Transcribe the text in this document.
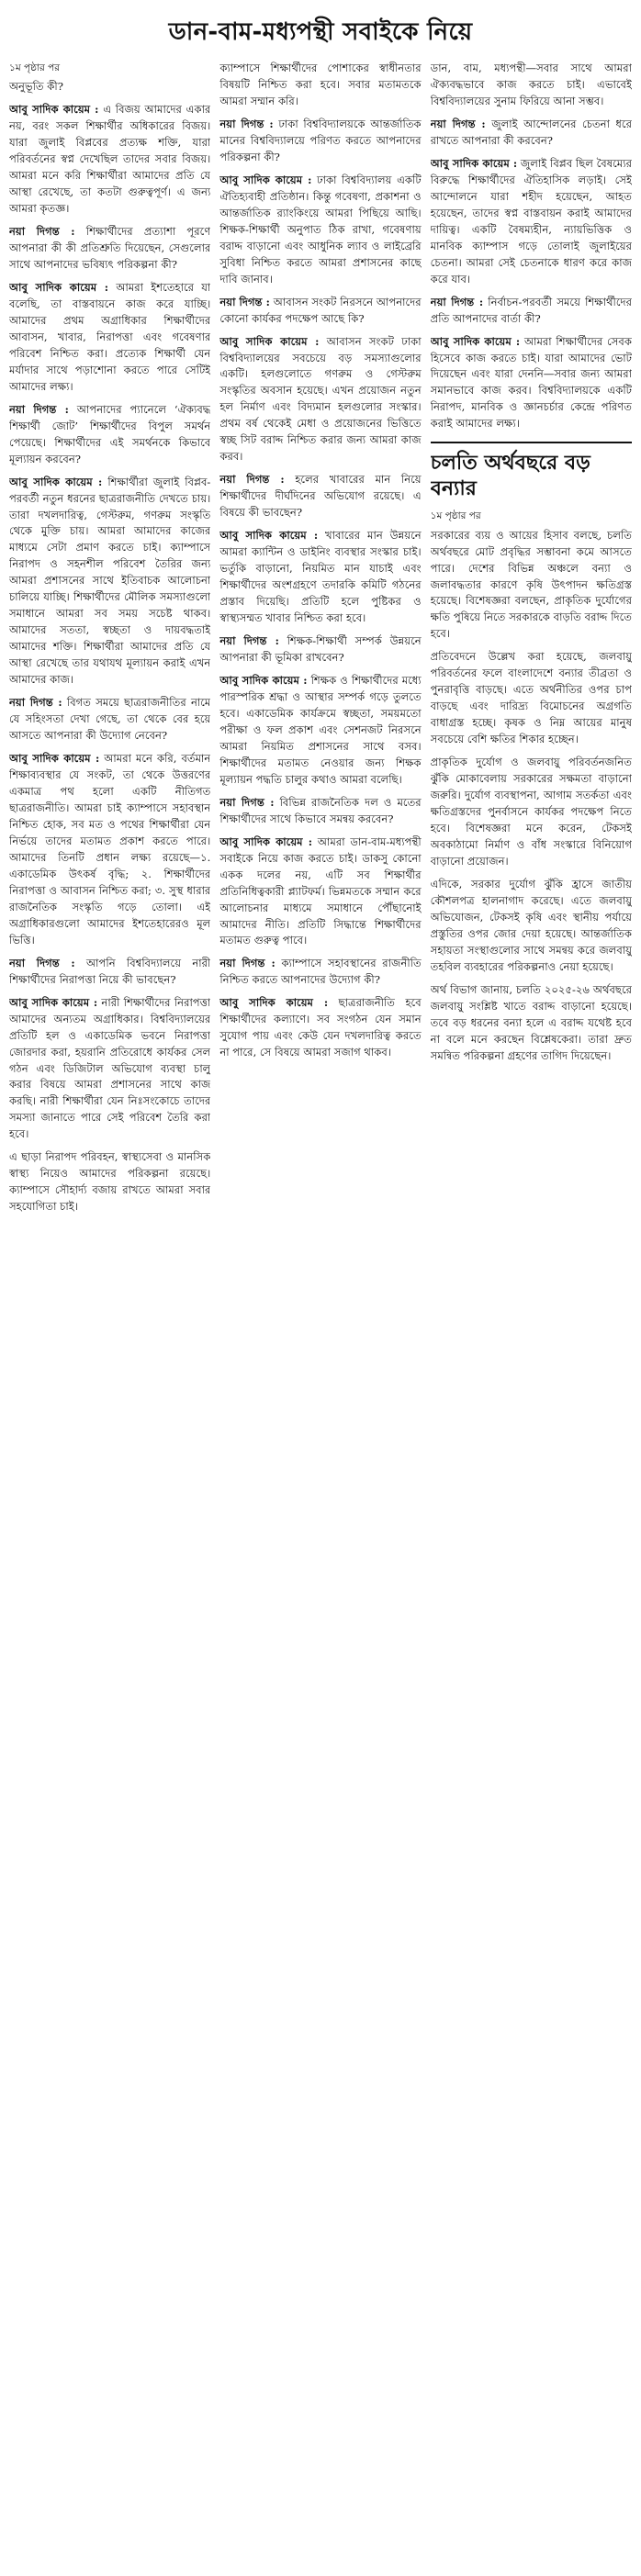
ডান-বাম-মধ্যপন্থী সবাইকে নিয়ে
১ম পৃষ্ঠার পর

অনুভূতি কী?

আবু সাদিক কায়েম : এ বিজয় আমাদের একার নয়, বরং সকল শিক্ষার্থীর অধিকারের বিজয়। যারা জুলাই বিপ্লবের প্রত্যক্ষ শক্তি, যারা পরিবর্তনের স্বপ্ন দেখেছিল তাদের সবার বিজয়। আমরা মনে করি শিক্ষার্থীরা আমাদের প্রতি যে আস্থা রেখেছে, তা কতটা গুরুত্বপূর্ণ। এ জন্য আমরা কৃতজ্ঞ।

নয়া দিগন্ত : শিক্ষার্থীদের প্রত্যাশা পূরণে আপনারা কী কী প্রতিশ্রুতি দিয়েছেন, সেগুলোর সাথে আপনাদের ভবিষ্যৎ পরিকল্পনা কী?

আবু সাদিক কায়েম : আমরা ইশতেহারে যা বলেছি, তা বাস্তবায়নে কাজ করে যাচ্ছি। আমাদের প্রথম অগ্রাধিকার শিক্ষার্থীদের আবাসন, খাবার, নিরাপত্তা এবং গবেষণার পরিবেশ নিশ্চিত করা। প্রত্যেক শিক্ষার্থী যেন মর্যাদার সাথে পড়াশোনা করতে পারে সেটিই আমাদের লক্ষ্য।

নয়া দিগন্ত : আপনাদের প্যানেলে ‘ঐক্যবদ্ধ শিক্ষার্থী জোট’ শিক্ষার্থীদের বিপুল সমর্থন পেয়েছে। শিক্ষার্থীদের এই সমর্থনকে কিভাবে মূল্যায়ন করবেন?

আবু সাদিক কায়েম : শিক্ষার্থীরা জুলাই বিপ্লব-পরবর্তী নতুন ধরনের ছাত্ররাজনীতি দেখতে চায়। তারা দখলদারিত্ব, গেস্টরুম, গণরুম সংস্কৃতি থেকে মুক্তি চায়। আমরা আমাদের কাজের মাধ্যমে সেটা প্রমাণ করতে চাই। ক্যাম্পাসে নিরাপদ ও সহনশীল পরিবেশ তৈরির জন্য আমরা প্রশাসনের সাথে ইতিবাচক আলোচনা চালিয়ে যাচ্ছি। শিক্ষার্থীদের মৌলিক সমস্যাগুলো সমাধানে আমরা সব সময় সচেষ্ট থাকব। আমাদের সততা, স্বচ্ছতা ও দায়বদ্ধতাই আমাদের শক্তি। শিক্ষার্থীরা আমাদের প্রতি যে আস্থা রেখেছে তার যথাযথ মূল্যায়ন করাই এখন আমাদের কাজ।

নয়া দিগন্ত : বিগত সময়ে ছাত্ররাজনীতির নামে যে সহিংসতা দেখা গেছে, তা থেকে বের হয়ে আসতে আপনারা কী উদ্যোগ নেবেন?

আবু সাদিক কায়েম : আমরা মনে করি, বর্তমান শিক্ষাব্যবস্থার যে সংকট, তা থেকে উত্তরণের একমাত্র পথ হলো একটি নীতিগত ছাত্ররাজনীতি। আমরা চাই ক্যাম্পাসে সহাবস্থান নিশ্চিত হোক, সব মত ও পথের শিক্ষার্থীরা যেন নির্ভয়ে তাদের মতামত প্রকাশ করতে পারে। আমাদের তিনটি প্রধান লক্ষ্য রয়েছে—১. একাডেমিক উৎকর্ষ বৃদ্ধি; ২. শিক্ষার্থীদের নিরাপত্তা ও আবাসন নিশ্চিত করা; ৩. সুস্থ ধারার রাজনৈতিক সংস্কৃতি গড়ে তোলা। এই অগ্রাধিকারগুলো আমাদের ইশতেহারেরও মূল ভিত্তি।

নয়া দিগন্ত : আপনি বিশ্ববিদ্যালয়ে নারী শিক্ষার্থীদের নিরাপত্তা নিয়ে কী ভাবছেন?

আবু সাদিক কায়েম : নারী শিক্ষার্থীদের নিরাপত্তা আমাদের অন্যতম অগ্রাধিকার। বিশ্ববিদ্যালয়ের প্রতিটি হল ও একাডেমিক ভবনে নিরাপত্তা জোরদার করা, হয়রানি প্রতিরোধে কার্যকর সেল গঠন এবং ডিজিটাল অভিযোগ ব্যবস্থা চালু করার বিষয়ে আমরা প্রশাসনের সাথে কাজ করছি। নারী শিক্ষার্থীরা যেন নিঃসংকোচে তাদের সমস্যা জানাতে পারে সেই পরিবেশ তৈরি করা হবে।

এ ছাড়া নিরাপদ পরিবহন, স্বাস্থ্যসেবা ও মানসিক স্বাস্থ্য নিয়েও আমাদের পরিকল্পনা রয়েছে। ক্যাম্পাসে সৌহার্দ্য বজায় রাখতে আমরা সবার সহযোগিতা চাই।

ক্যাম্পাসে শিক্ষার্থীদের পোশাকের স্বাধীনতার বিষয়টি নিশ্চিত করা হবে। সবার মতামতকে আমরা সম্মান করি।

নয়া দিগন্ত : ঢাকা বিশ্ববিদ্যালয়কে আন্তর্জাতিক মানের বিশ্ববিদ্যালয়ে পরিণত করতে আপনাদের পরিকল্পনা কী?

আবু সাদিক কায়েম : ঢাকা বিশ্ববিদ্যালয় একটি ঐতিহ্যবাহী প্রতিষ্ঠান। কিন্তু গবেষণা, প্রকাশনা ও আন্তর্জাতিক র‍্যাংকিংয়ে আমরা পিছিয়ে আছি। শিক্ষক-শিক্ষার্থী অনুপাত ঠিক রাখা, গবেষণায় বরাদ্দ বাড়ানো এবং আধুনিক ল্যাব ও লাইব্রেরি সুবিধা নিশ্চিত করতে আমরা প্রশাসনের কাছে দাবি জানাব।

নয়া দিগন্ত : আবাসন সংকট নিরসনে আপনাদের কোনো কার্যকর পদক্ষেপ আছে কি?

আবু সাদিক কায়েম : আবাসন সংকট ঢাকা বিশ্ববিদ্যালয়ের সবচেয়ে বড় সমস্যাগুলোর একটি। হলগুলোতে গণরুম ও গেস্টরুম সংস্কৃতির অবসান হয়েছে। এখন প্রয়োজন নতুন হল নির্মাণ এবং বিদ্যমান হলগুলোর সংস্কার। প্রথম বর্ষ থেকেই মেধা ও প্রয়োজনের ভিত্তিতে স্বচ্ছ সিট বরাদ্দ নিশ্চিত করার জন্য আমরা কাজ করব।

নয়া দিগন্ত : হলের খাবারের মান নিয়ে শিক্ষার্থীদের দীর্ঘদিনের অভিযোগ রয়েছে। এ বিষয়ে কী ভাবছেন?

আবু সাদিক কায়েম : খাবারের মান উন্নয়নে আমরা ক্যান্টিন ও ডাইনিং ব্যবস্থার সংস্কার চাই। ভর্তুকি বাড়ানো, নিয়মিত মান যাচাই এবং শিক্ষার্থীদের অংশগ্রহণে তদারকি কমিটি গঠনের প্রস্তাব দিয়েছি। প্রতিটি হলে পুষ্টিকর ও স্বাস্থ্যসম্মত খাবার নিশ্চিত করা হবে।

নয়া দিগন্ত : শিক্ষক-শিক্ষার্থী সম্পর্ক উন্নয়নে আপনারা কী ভূমিকা রাখবেন?

আবু সাদিক কায়েম : শিক্ষক ও শিক্ষার্থীদের মধ্যে পারস্পরিক শ্রদ্ধা ও আস্থার সম্পর্ক গড়ে তুলতে হবে। একাডেমিক কার্যক্রমে স্বচ্ছতা, সময়মতো পরীক্ষা ও ফল প্রকাশ এবং সেশনজট নিরসনে আমরা নিয়মিত প্রশাসনের সাথে বসব। শিক্ষার্থীদের মতামত নেওয়ার জন্য শিক্ষক মূল্যায়ন পদ্ধতি চালুর কথাও আমরা বলেছি।

নয়া দিগন্ত : বিভিন্ন রাজনৈতিক দল ও মতের শিক্ষার্থীদের সাথে কিভাবে সমন্বয় করবেন?

আবু সাদিক কায়েম : আমরা ডান-বাম-মধ্যপন্থী সবাইকে নিয়ে কাজ করতে চাই। ডাকসু কোনো একক দলের নয়, এটি সব শিক্ষার্থীর প্রতিনিধিত্বকারী প্ল্যাটফর্ম। ভিন্নমতকে সম্মান করে আলোচনার মাধ্যমে সমাধানে পৌঁছানোই আমাদের নীতি। প্রতিটি সিদ্ধান্তে শিক্ষার্থীদের মতামত গুরুত্ব পাবে।

নয়া দিগন্ত : ক্যাম্পাসে সহাবস্থানের রাজনীতি নিশ্চিত করতে আপনাদের উদ্যোগ কী?

আবু সাদিক কায়েম : ছাত্ররাজনীতি হবে শিক্ষার্থীদের কল্যাণে। সব সংগঠন যেন সমান সুযোগ পায় এবং কেউ যেন দখলদারিত্ব করতে না পারে, সে বিষয়ে আমরা সজাগ থাকব।

ডান, বাম, মধ্যপন্থী—সবার সাথে আমরা ঐক্যবদ্ধভাবে কাজ করতে চাই। এভাবেই বিশ্ববিদ্যালয়ের সুনাম ফিরিয়ে আনা সম্ভব।

নয়া দিগন্ত : জুলাই আন্দোলনের চেতনা ধরে রাখতে আপনারা কী করবেন?

আবু সাদিক কায়েম : জুলাই বিপ্লব ছিল বৈষম্যের বিরুদ্ধে শিক্ষার্থীদের ঐতিহাসিক লড়াই। সেই আন্দোলনে যারা শহীদ হয়েছেন, আহত হয়েছেন, তাদের স্বপ্ন বাস্তবায়ন করাই আমাদের দায়িত্ব। একটি বৈষম্যহীন, ন্যায়ভিত্তিক ও মানবিক ক্যাম্পাস গড়ে তোলাই জুলাইয়ের চেতনা। আমরা সেই চেতনাকে ধারণ করে কাজ করে যাব।

নয়া দিগন্ত : নির্বাচন-পরবর্তী সময়ে শিক্ষার্থীদের প্রতি আপনাদের বার্তা কী?

আবু সাদিক কায়েম : আমরা শিক্ষার্থীদের সেবক হিসেবে কাজ করতে চাই। যারা আমাদের ভোট দিয়েছেন এবং যারা দেননি—সবার জন্য আমরা সমানভাবে কাজ করব। বিশ্ববিদ্যালয়কে একটি নিরাপদ, মানবিক ও জ্ঞানচর্চার কেন্দ্রে পরিণত করাই আমাদের লক্ষ্য।

চলতি অর্থবছরে বড় বন্যার
১ম পৃষ্ঠার পর

সরকারের ব্যয় ও আয়ের হিসাব বলছে, চলতি অর্থবছরে মোট প্রবৃদ্ধির সম্ভাবনা কমে আসতে পারে। দেশের বিভিন্ন অঞ্চলে বন্যা ও জলাবদ্ধতার কারণে কৃষি উৎপাদন ক্ষতিগ্রস্ত হয়েছে। বিশেষজ্ঞরা বলছেন, প্রাকৃতিক দুর্যোগের ক্ষতি পুষিয়ে নিতে সরকারকে বাড়তি বরাদ্দ দিতে হবে।

প্রতিবেদনে উল্লেখ করা হয়েছে, জলবায়ু পরিবর্তনের ফলে বাংলাদেশে বন্যার তীব্রতা ও পুনরাবৃত্তি বাড়ছে। এতে অর্থনীতির ওপর চাপ বাড়ছে এবং দারিদ্র্য বিমোচনের অগ্রগতি বাধাগ্রস্ত হচ্ছে। কৃষক ও নিম্ন আয়ের মানুষ সবচেয়ে বেশি ক্ষতির শিকার হচ্ছেন।

প্রাকৃতিক দুর্যোগ ও জলবায়ু পরিবর্তনজনিত ঝুঁকি মোকাবেলায় সরকারের সক্ষমতা বাড়ানো জরুরি। দুর্যোগ ব্যবস্থাপনা, আগাম সতর্কতা এবং ক্ষতিগ্রস্তদের পুনর্বাসনে কার্যকর পদক্ষেপ নিতে হবে। বিশেষজ্ঞরা মনে করেন, টেকসই অবকাঠামো নির্মাণ ও বাঁধ সংস্কারে বিনিয়োগ বাড়ানো প্রয়োজন।

এদিকে, সরকার দুর্যোগ ঝুঁকি হ্রাসে জাতীয় কৌশলপত্র হালনাগাদ করেছে। এতে জলবায়ু অভিযোজন, টেকসই কৃষি এবং স্থানীয় পর্যায়ে প্রস্তুতির ওপর জোর দেয়া হয়েছে। আন্তর্জাতিক সহায়তা সংস্থাগুলোর সাথে সমন্বয় করে জলবায়ু তহবিল ব্যবহারের পরিকল্পনাও নেয়া হয়েছে।

অর্থ বিভাগ জানায়, চলতি ২০২৫-২৬ অর্থবছরে জলবায়ু সংশ্লিষ্ট খাতে বরাদ্দ বাড়ানো হয়েছে। তবে বড় ধরনের বন্যা হলে এ বরাদ্দ যথেষ্ট হবে না বলে মনে করছেন বিশ্লেষকেরা। তারা দ্রুত সমন্বিত পরিকল্পনা গ্রহণের তাগিদ দিয়েছেন।
